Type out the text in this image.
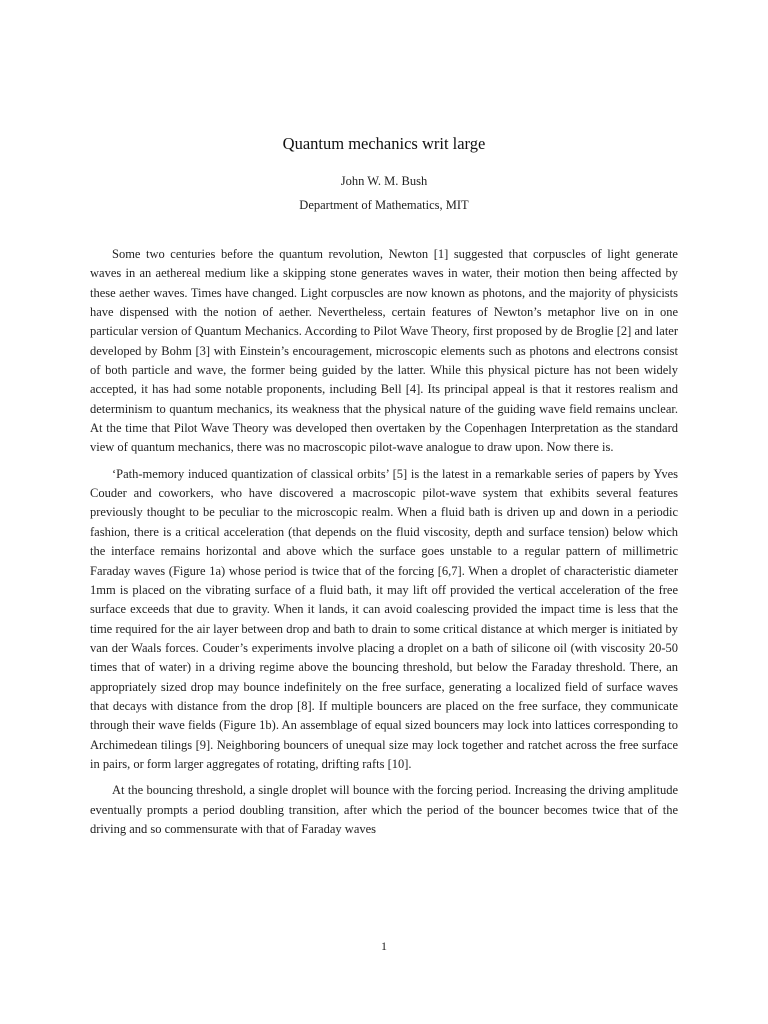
Quantum mechanics writ large

John W. M. Bush

Department of Mathematics, MIT

Some two centuries before the quantum revolution, Newton [1] suggested that corpuscles of light generate waves in an aethereal medium like a skipping stone generates waves in water, their motion then being affected by these aether waves. Times have changed. Light corpuscles are now known as photons, and the majority of physicists have dispensed with the notion of aether. Nevertheless, certain features of Newton’s metaphor live on in one particular version of Quantum Mechanics. According to Pilot Wave Theory, first proposed by de Broglie [2] and later developed by Bohm [3] with Einstein’s encouragement, microscopic elements such as photons and electrons consist of both particle and wave, the former being guided by the latter. While this physical picture has not been widely accepted, it has had some notable proponents, including Bell [4]. Its principal appeal is that it restores realism and determinism to quantum mechanics, its weakness that the physical nature of the guiding wave field remains unclear. At the time that Pilot Wave Theory was developed then overtaken by the Copenhagen Interpretation as the standard view of quantum mechanics, there was no macroscopic pilot-wave analogue to draw upon. Now there is.

‘Path-memory induced quantization of classical orbits’ [5] is the latest in a remarkable series of papers by Yves Couder and coworkers, who have discovered a macroscopic pilot-wave system that exhibits several features previously thought to be peculiar to the microscopic realm. When a fluid bath is driven up and down in a periodic fashion, there is a critical acceleration (that depends on the fluid viscosity, depth and surface tension) below which the interface remains horizontal and above which the surface goes unstable to a regular pattern of millimetric Faraday waves (Figure 1a) whose period is twice that of the forcing [6,7]. When a droplet of characteristic diameter 1mm is placed on the vibrating surface of a fluid bath, it may lift off provided the vertical acceleration of the free surface exceeds that due to gravity. When it lands, it can avoid coalescing provided the impact time is less that the time required for the air layer between drop and bath to drain to some critical distance at which merger is initiated by van der Waals forces. Couder’s experiments involve placing a droplet on a bath of silicone oil (with viscosity 20-50 times that of water) in a driving regime above the bouncing threshold, but below the Faraday threshold. There, an appropriately sized drop may bounce indefinitely on the free surface, generating a localized field of surface waves that decays with distance from the drop [8]. If multiple bouncers are placed on the free surface, they communicate through their wave fields (Figure 1b). An assemblage of equal sized bouncers may lock into lattices corresponding to Archimedean tilings [9]. Neighboring bouncers of unequal size may lock together and ratchet across the free surface in pairs, or form larger aggregates of rotating, drifting rafts [10].

At the bouncing threshold, a single droplet will bounce with the forcing period. Increasing the driving amplitude eventually prompts a period doubling transition, after which the period of the bouncer becomes twice that of the driving and so commensurate with that of Faraday waves

1
